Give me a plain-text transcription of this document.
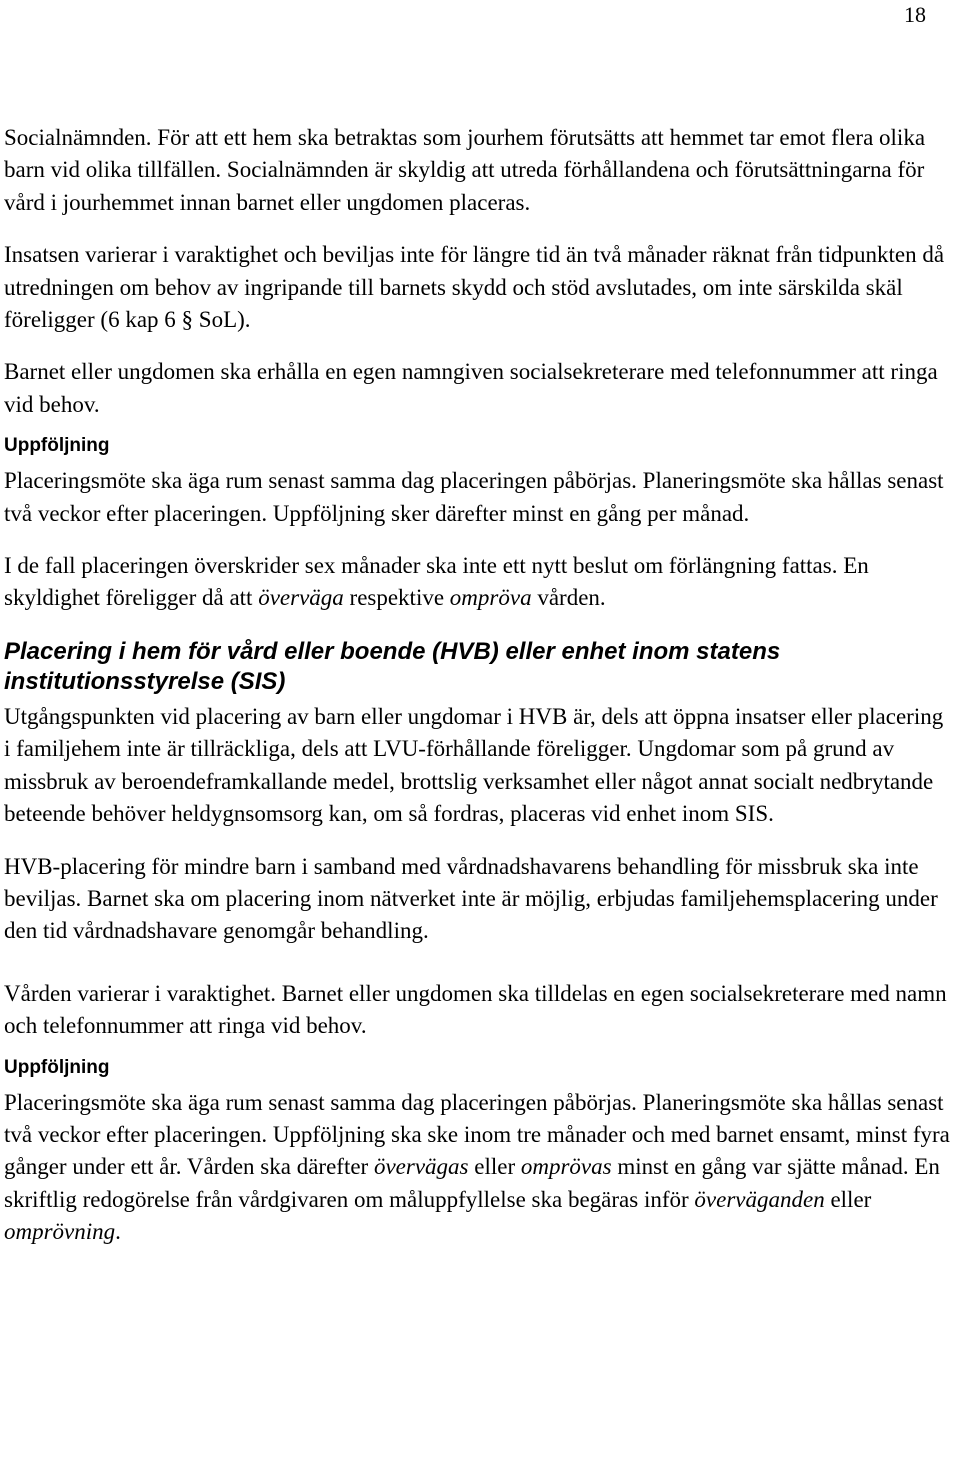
18

Socialnämnden. För att ett hem ska betraktas som jourhem förutsätts att hemmet tar emot flera olika barn vid olika tillfällen. Socialnämnden är skyldig att utreda förhållandena och förutsättningarna för vård i jourhemmet innan barnet eller ungdomen placeras.

Insatsen varierar i varaktighet och beviljas inte för längre tid än två månader räknat från tidpunkten då utredningen om behov av ingripande till barnets skydd och stöd avslutades, om inte särskilda skäl föreligger (6 kap 6 § SoL).

Barnet eller ungdomen ska erhålla en egen namngiven socialsekreterare med telefonnummer att ringa vid behov.

Uppföljning

Placeringsmöte ska äga rum senast samma dag placeringen påbörjas. Planeringsmöte ska hållas senast två veckor efter placeringen. Uppföljning sker därefter minst en gång per månad.

I de fall placeringen överskrider sex månader ska inte ett nytt beslut om förlängning fattas. En skyldighet föreligger då att överväga respektive ompröva vården.

Placering i hem för vård eller boende (HVB) eller enhet inom statens institutionsstyrelse (SIS)

Utgångspunkten vid placering av barn eller ungdomar i HVB är, dels att öppna insatser eller placering i familjehem inte är tillräckliga, dels att LVU-förhållande föreligger. Ungdomar som på grund av missbruk av beroendeframkallande medel, brottslig verksamhet eller något annat socialt nedbrytande beteende behöver heldygnsomsorg kan, om så fordras, placeras vid enhet inom SIS.

HVB-placering för mindre barn i samband med vårdnadshavarens behandling för missbruk ska inte beviljas. Barnet ska om placering inom nätverket inte är möjlig, erbjudas familjehemsplacering under den tid vårdnadshavare genomgår behandling.

Vården varierar i varaktighet. Barnet eller ungdomen ska tilldelas en egen socialsekreterare med namn och telefonnummer att ringa vid behov.

Uppföljning

Placeringsmöte ska äga rum senast samma dag placeringen påbörjas. Planeringsmöte ska hållas senast två veckor efter placeringen. Uppföljning ska ske inom tre månader och med barnet ensamt, minst fyra gånger under ett år. Vården ska därefter övervägas eller omprövas minst en gång var sjätte månad. En skriftlig redogörelse från vårdgivaren om måluppfyllelse ska begäras inför överväganden eller omprövning.
